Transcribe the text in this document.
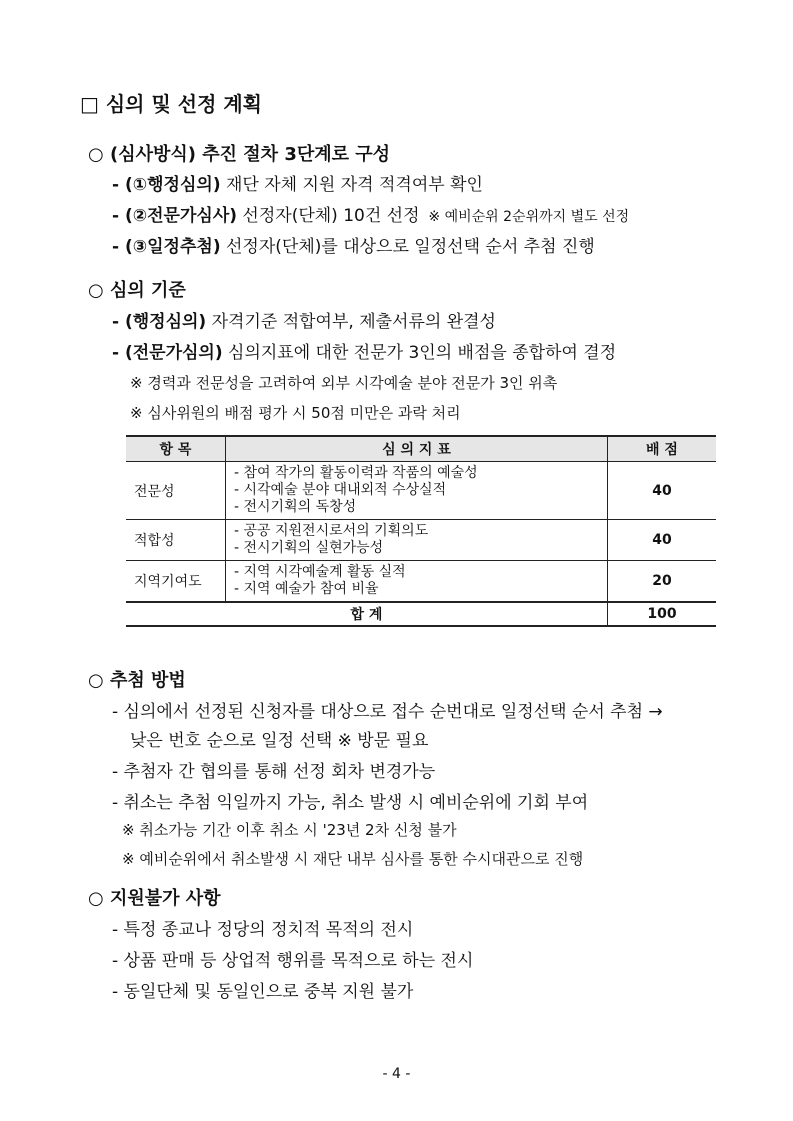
□ 심의 및 선정 계획
○ (심사방식) 추진 절차 3단계로 구성
- (①행정심의) 재단 자체 지원 자격 적격여부 확인
- (②전문가심사) 선정자(단체) 10건 선정  ※ 예비순위 2순위까지 별도 선정
- (③일정추첨) 선정자(단체)를 대상으로 일정선택 순서 추첨 진행
○ 심의 기준
- (행정심의) 자격기준 적합여부, 제출서류의 완결성
- (전문가심의) 심의지표에 대한 전문가 3인의 배점을 종합하여 결정
※ 경력과 전문성을 고려하여 외부 시각예술 분야 전문가 3인 위촉
※ 심사위원의 배점 평가 시 50점 미만은 과락 처리
항 목	심 의 지 표	배 점
전문성	- 참여 작가의 활동이력과 작품의 예술성
- 시각예술 분야 대내외적 수상실적
- 전시기획의 독창성	40
적합성	- 공공 지원전시로서의 기획의도
- 전시기획의 실현가능성	40
지역기여도	- 지역 시각예술계 활동 실적
- 지역 예술가 참여 비율	20
합 계		100
○ 추첨 방법
- 심의에서 선정된 신청자를 대상으로 접수 순번대로 일정선택 순서 추첨 →
낮은 번호 순으로 일정 선택 ※ 방문 필요
- 추첨자 간 협의를 통해 선정 회차 변경가능
- 취소는 추첨 익일까지 가능, 취소 발생 시 예비순위에 기회 부여
※ 취소가능 기간 이후 취소 시 '23년 2차 신청 불가
※ 예비순위에서 취소발생 시 재단 내부 심사를 통한 수시대관으로 진행
○ 지원불가 사항
- 특정 종교나 정당의 정치적 목적의 전시
- 상품 판매 등 상업적 행위를 목적으로 하는 전시
- 동일단체 및 동일인으로 중복 지원 불가
- 4 -
